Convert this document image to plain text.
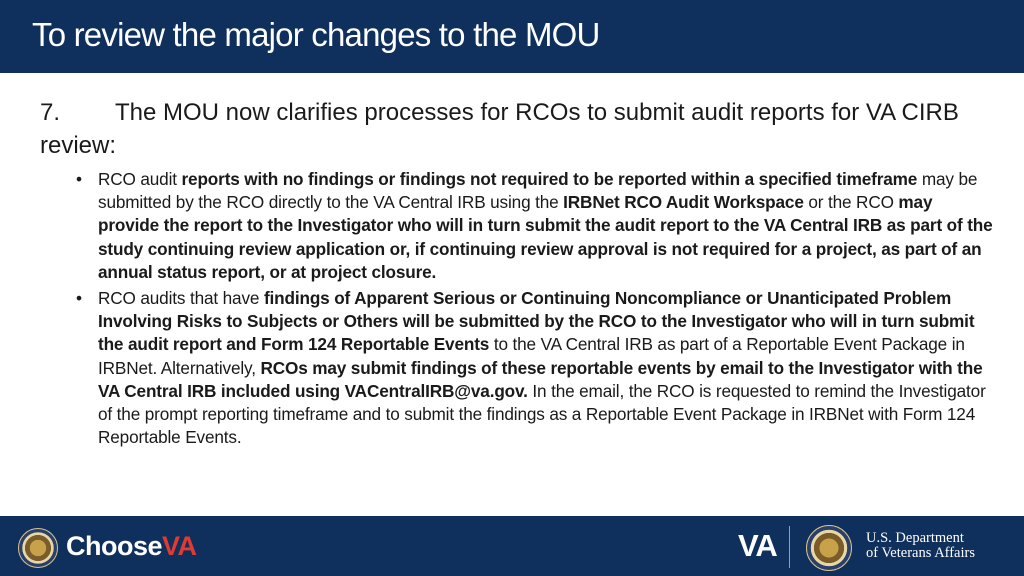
To review the major changes to the MOU

7. The MOU now clarifies processes for RCOs to submit audit reports for VA CIRB review:

• RCO audit reports with no findings or findings not required to be reported within a specified timeframe may be submitted by the RCO directly to the VA Central IRB using the IRBNet RCO Audit Workspace or the RCO may provide the report to the Investigator who will in turn submit the audit report to the VA Central IRB as part of the study continuing review application or, if continuing review approval is not required for a project, as part of an annual status report, or at project closure.
• RCO audits that have findings of Apparent Serious or Continuing Noncompliance or Unanticipated Problem Involving Risks to Subjects or Others will be submitted by the RCO to the Investigator who will in turn submit the audit report and Form 124 Reportable Events to the VA Central IRB as part of a Reportable Event Package in IRBNet. Alternatively, RCOs may submit findings of these reportable events by email to the Investigator with the VA Central IRB included using VACentralIRB@va.gov. In the email, the RCO is requested to remind the Investigator of the prompt reporting timeframe and to submit the findings as a Reportable Event Package in IRBNet with Form 124 Reportable Events.
ChooseVA	VA	U.S. Department
of Veterans Affairs
